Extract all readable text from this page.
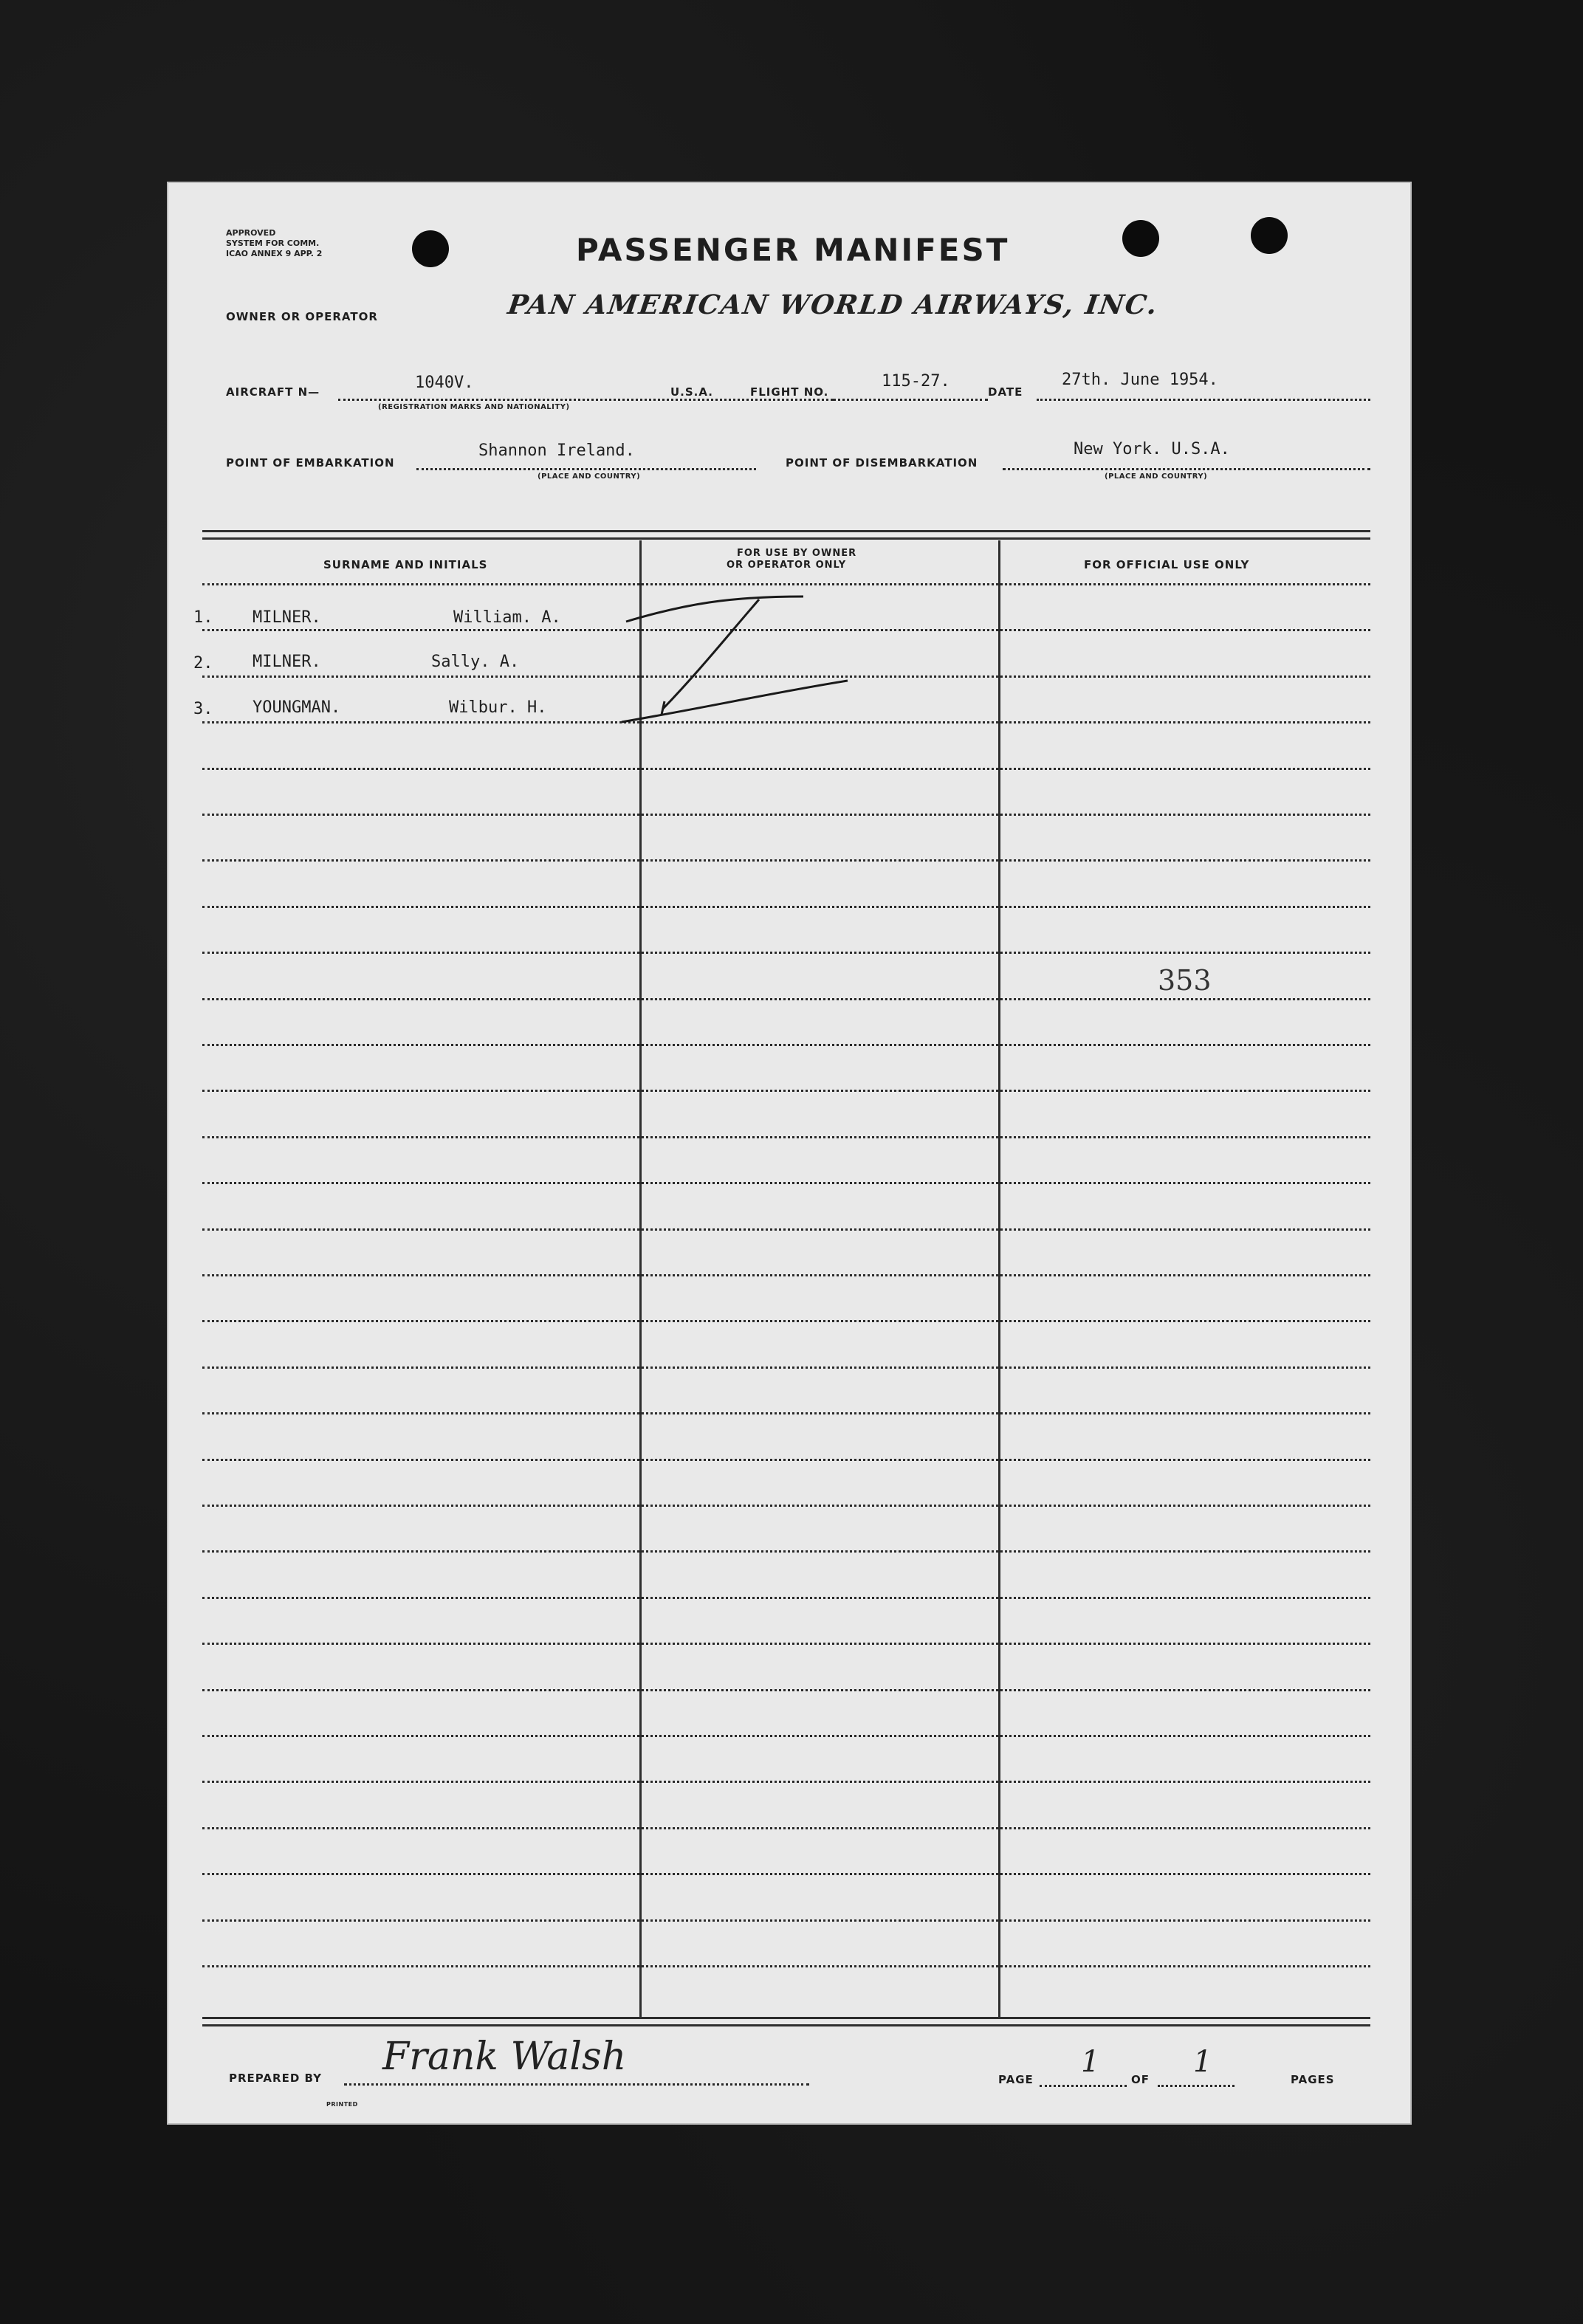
APPROVED
SYSTEM FOR COMM.
ICAO ANNEX 9 APP. 2	PASSENGER MANIFEST
OWNER OR OPERATOR	PAN AMERICAN WORLD AIRWAYS, INC.
AIRCRAFT N—	1040V.
(REGISTRATION MARKS AND NATIONALITY)
U.S.A.	FLIGHT NO.
115-27.
DATE
27th. June 1954.
POINT OF EMBARKATION
Shannon Ireland.
(PLACE AND COUNTRY)
POINT OF DISEMBARKATION
New York. U.S.A.
(PLACE AND COUNTRY)
SURNAME AND INITIALS
FOR USE BY OWNER
OR OPERATOR ONLY	FOR OFFICIAL USE ONLY
1. MILNER.	William. A.
2. MILNER.	Sally. A.
3. YOUNGMAN.	Wilbur. H.
353
PREPARED BY Frank Walsh
PRINTED
PAGE
1
OF
1
PAGES
